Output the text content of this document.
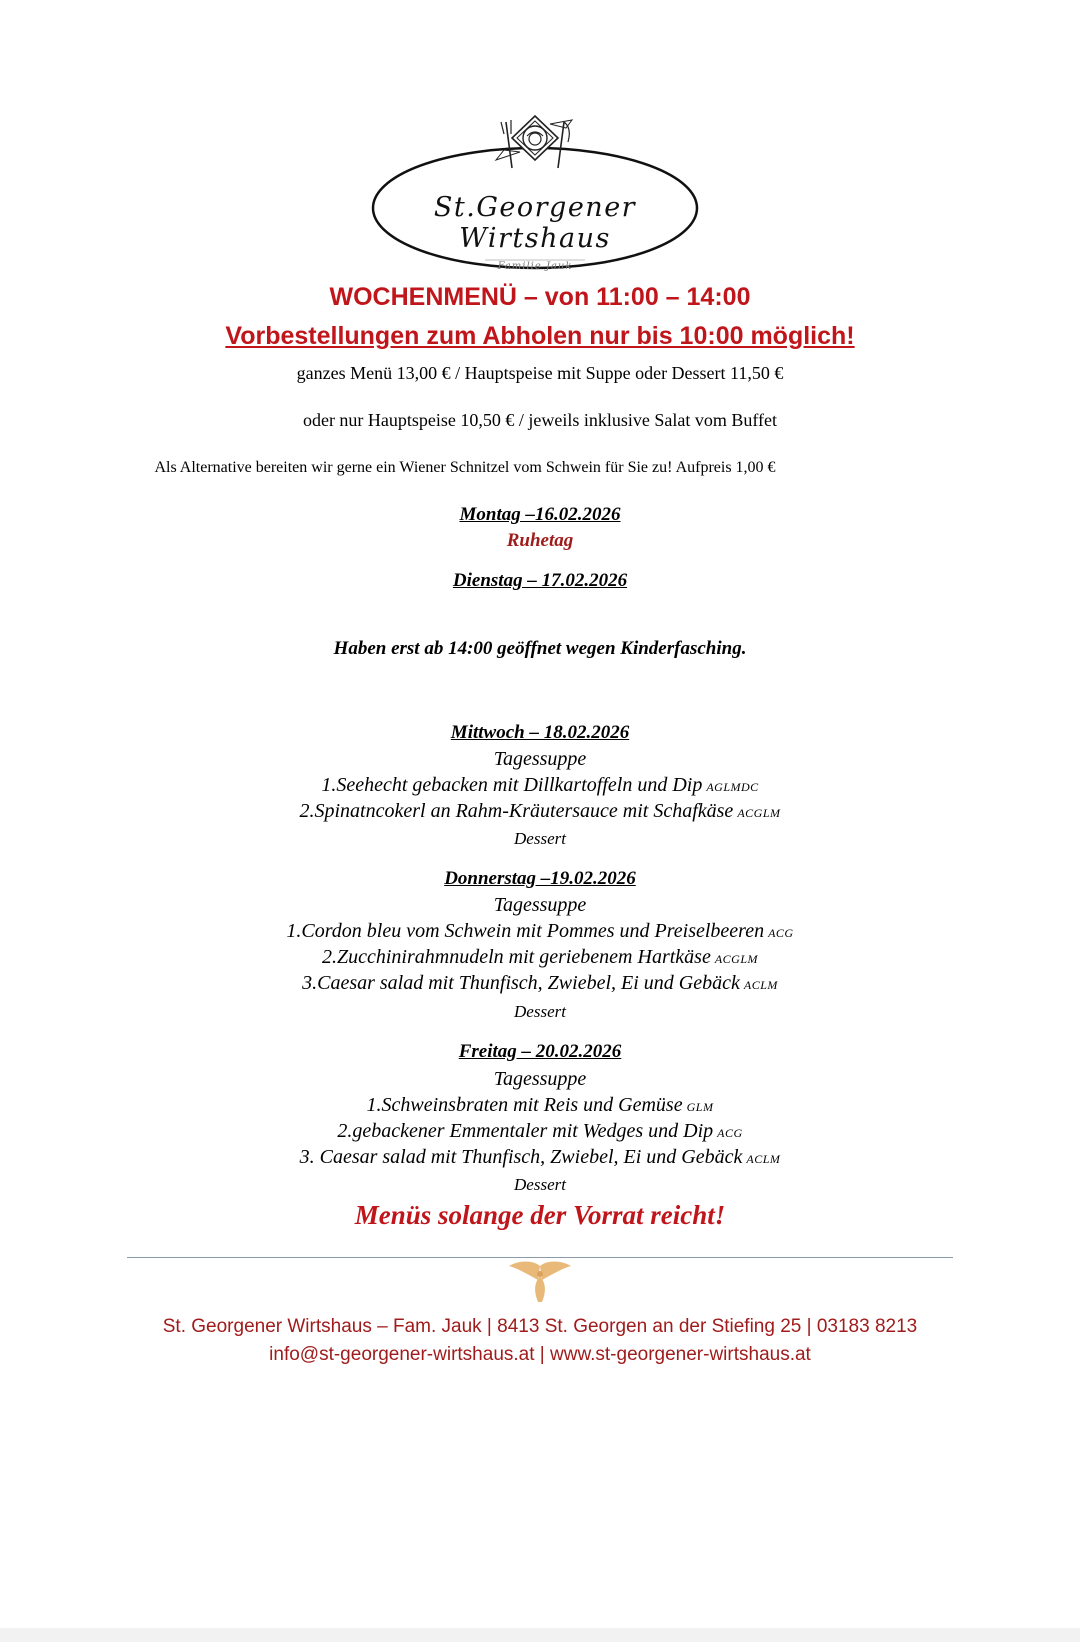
St.Georgener Wirtshaus
Familie Jauk
WOCHENMENÜ – von 11:00 – 14:00
Vorbestellungen zum Abholen nur bis 10:00 möglich!
ganzes Menü 13,00 € / Hauptspeise mit Suppe oder Dessert 11,50 €
oder nur Hauptspeise 10,50 € / jeweils inklusive Salat vom Buffet
Als Alternative bereiten wir gerne ein Wiener Schnitzel vom Schwein für Sie zu! Aufpreis 1,00 €
Montag –16.02.2026
Ruhetag
Dienstag – 17.02.2026
Haben erst ab 14:00 geöffnet wegen Kinderfasching.
Mittwoch – 18.02.2026
Tagessuppe
1.Seehecht gebacken mit Dillkartoffeln und Dip AGLMDC
2.Spinatncokerl an Rahm-Kräutersauce mit Schafkäse ACGLM
Dessert
Donnerstag –19.02.2026
Tagessuppe
1.Cordon bleu vom Schwein mit Pommes und Preiselbeeren ACG
2.Zucchinirahmnudeln mit geriebenem Hartkäse ACGLM
3.Caesar salad mit Thunfisch, Zwiebel, Ei und Gebäck ACLM
Dessert
Freitag – 20.02.2026
Tagessuppe
1.Schweinsbraten mit Reis und Gemüse GLM
2.gebackener Emmentaler mit Wedges und Dip ACG
3. Caesar salad mit Thunfisch, Zwiebel, Ei und Gebäck ACLM
Dessert
Menüs solange der Vorrat reicht!
St. Georgener Wirtshaus – Fam. Jauk | 8413 St. Georgen an der Stiefing 25 | 03183 8213
info@st-georgener-wirtshaus.at | www.st-georgener-wirtshaus.at
